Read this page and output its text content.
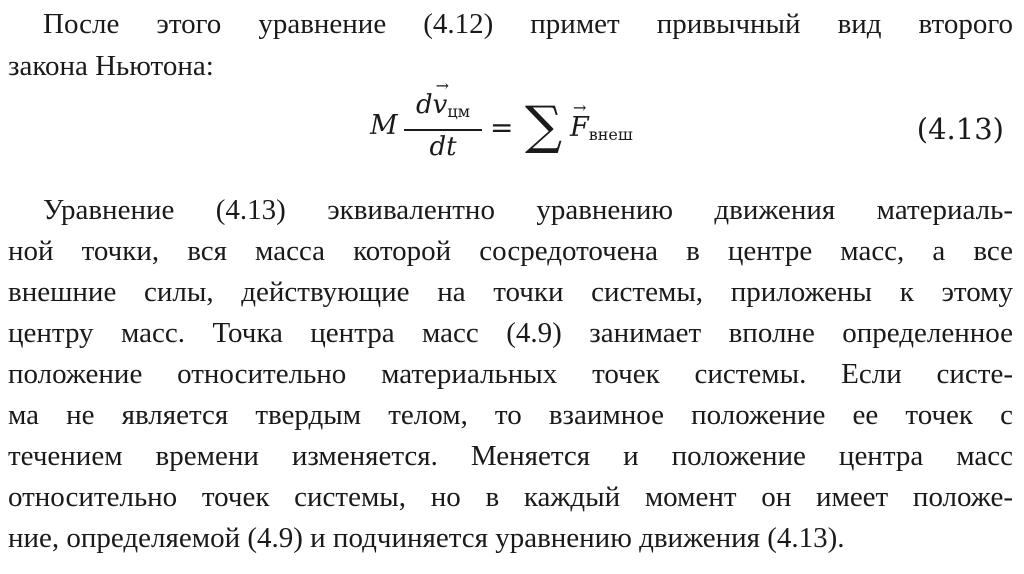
После этого уравнение (4.12) примет привычный вид второго
закона Ньютона:
M
d
→
$v_{цм}$
dt
= ∑ →
$F_{внеш}$	(4.13)
Уравнение (4.13) эквивалентно уравнению движения материаль-
ной точки, вся масса которой сосредоточена в центре масс, а все
внешние силы, действующие на точки системы, приложены к этому
центру масс. Точка центра масс (4.9) занимает вполне определенное
положение относительно материальных точек системы. Если систе-
ма не является твердым телом, то взаимное положение ее точек с
течением времени изменяется. Меняется и положение центра масс
относительно точек системы, но в каждый момент он имеет положе-
ние, определяемой (4.9) и подчиняется уравнению движения (4.13).
